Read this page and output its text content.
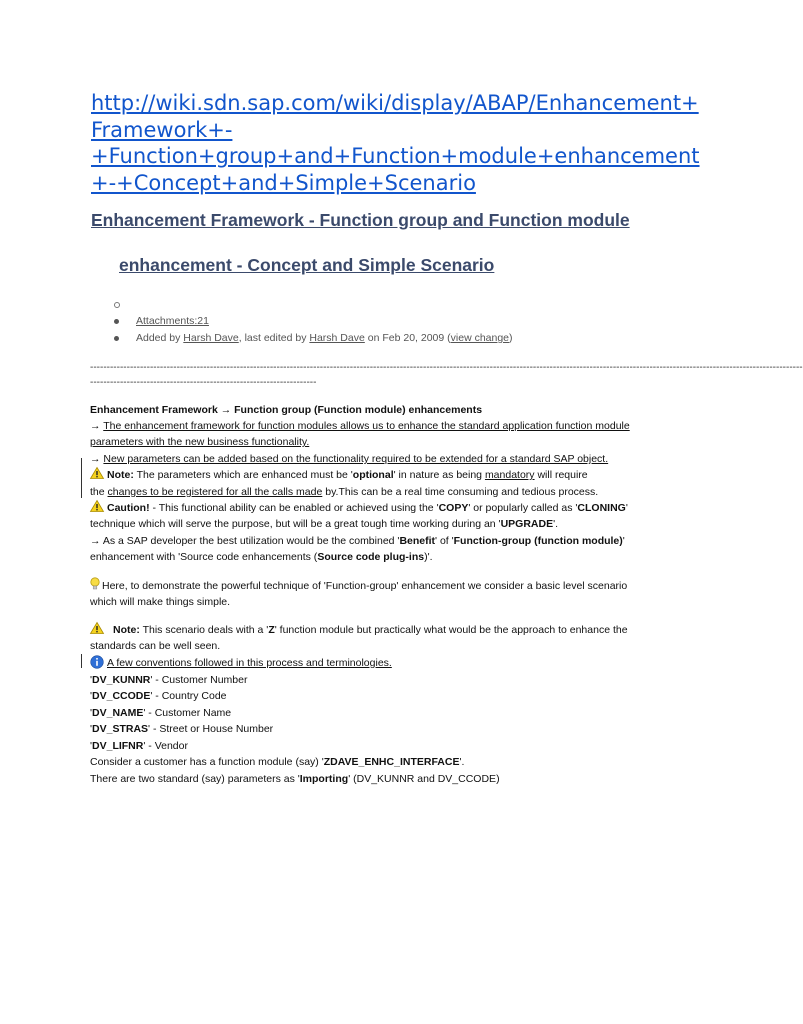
http://wiki.sdn.sap.com/wiki/display/ABAP/Enhancement+
Framework+-
+Function+group+and+Function+module+enhancement
+-+Concept+and+Simple+Scenario
Enhancement Framework - Function group and Function module
enhancement - Concept and Simple Scenario
Attachments:21
Added by Harsh Dave, last edited by Harsh Dave on Feb 20, 2009 (view change)
----------------------------------------------------------------------------------------------------------------------------------------------------------------------------------------------------------------------
--------------------------------------------------------------------
Enhancement Framework → Function group (Function module) enhancements
→ The enhancement framework for function modules allows us to enhance the standard application function module
parameters with the new business functionality.
→ New parameters can be added based on the functionality required to be extended for a standard SAP object.
Note: The parameters which are enhanced must be 'optional' in nature as being mandatory will require
the changes to be registered for all the calls made by.This can be a real time consuming and tedious process.
Caution! - This functional ability can be enabled or achieved using the 'COPY' or popularly called as 'CLONING'
technique which will serve the purpose, but will be a great tough time working during an 'UPGRADE'.
→ As a SAP developer the best utilization would be the combined 'Benefit' of 'Function-group (function module)'
enhancement with 'Source code enhancements (Source code plug-ins)'.
Here, to demonstrate the powerful technique of 'Function-group' enhancement we consider a basic level scenario
which will make things simple.
Note: This scenario deals with a 'Z' function module but practically what would be the approach to enhance the
standards can be well seen.
A few conventions followed in this process and terminologies.
'DV_KUNNR' - Customer Number
'DV_CCODE' - Country Code
'DV_NAME' - Customer Name
'DV_STRAS' - Street or House Number
'DV_LIFNR' - Vendor
Consider a customer has a function module (say) 'ZDAVE_ENHC_INTERFACE'.
There are two standard (say) parameters as 'Importing' (DV_KUNNR and DV_CCODE)
